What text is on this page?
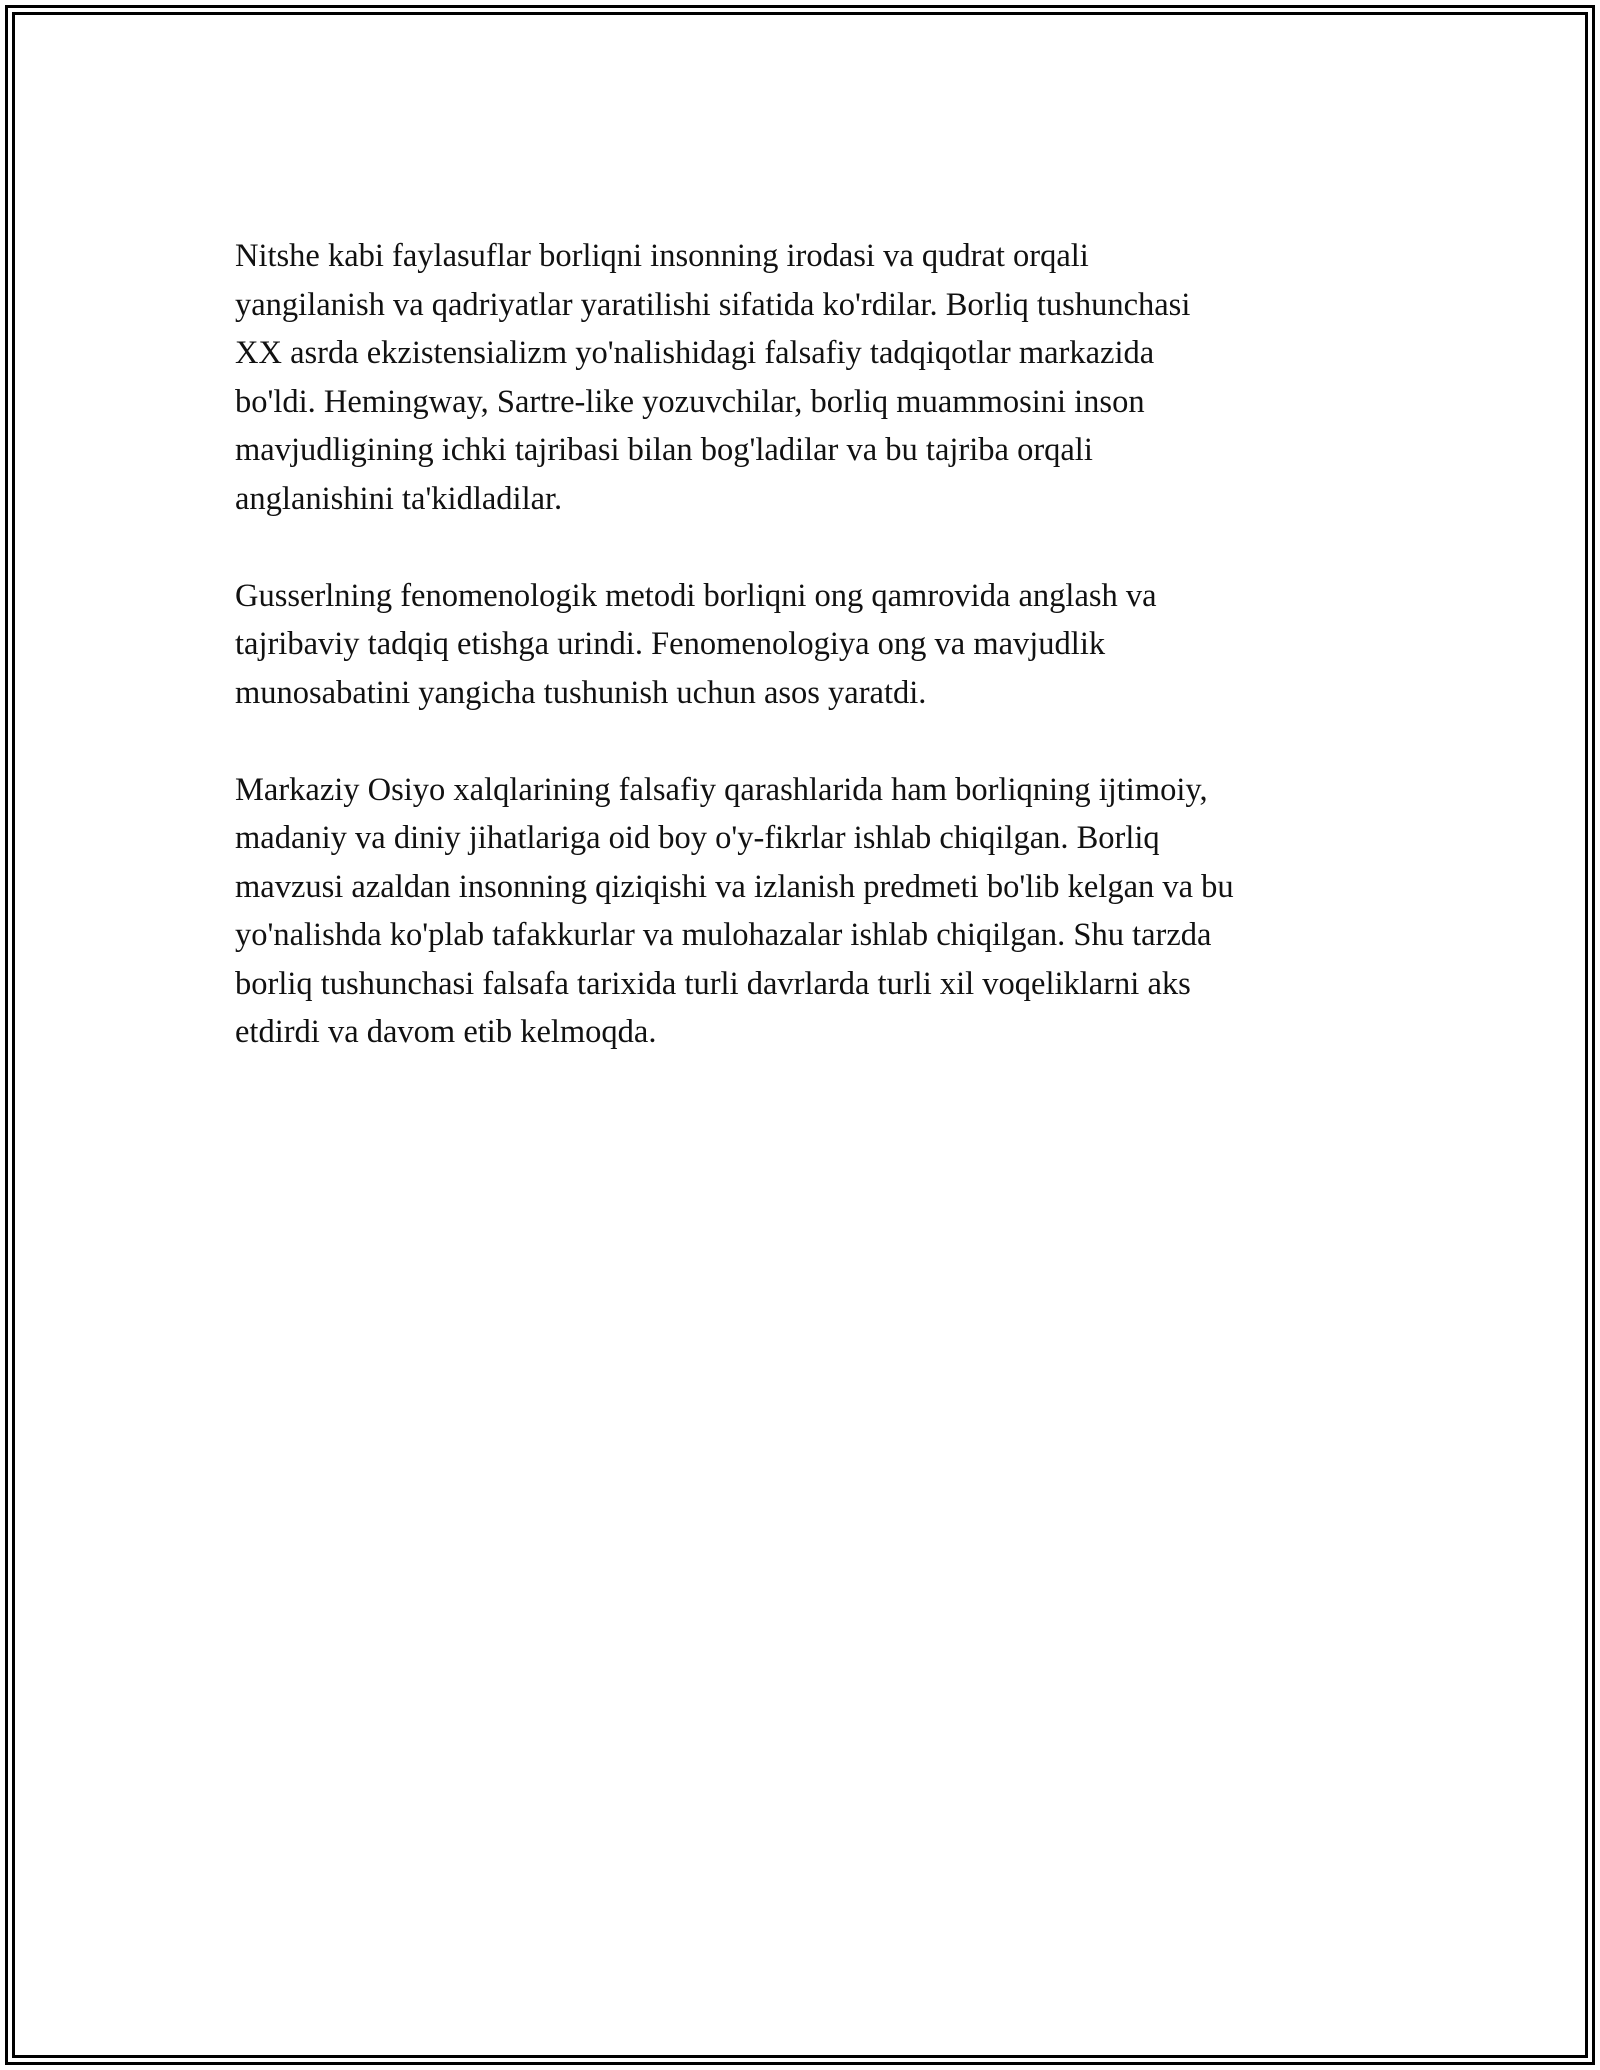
Nitshe kabi faylasuflar borliqni insonning irodasi va qudrat orqali
yangilanish va qadriyatlar yaratilishi sifatida ko'rdilar. Borliq tushunchasi
XX asrda ekzistensializm yo'nalishidagi falsafiy tadqiqotlar markazida
bo'ldi. Hemingway, Sartre-like yozuvchilar, borliq muammosini inson
mavjudligining ichki tajribasi bilan bog'ladilar va bu tajriba orqali
anglanishini ta'kidladilar.

Gusserlning fenomenologik metodi borliqni ong qamrovida anglash va
tajribaviy tadqiq etishga urindi. Fenomenologiya ong va mavjudlik
munosabatini yangicha tushunish uchun asos yaratdi.

Markaziy Osiyo xalqlarining falsafiy qarashlarida ham borliqning ijtimoiy,
madaniy va diniy jihatlariga oid boy o'y-fikrlar ishlab chiqilgan. Borliq
mavzusi azaldan insonning qiziqishi va izlanish predmeti bo'lib kelgan va bu
yo'nalishda ko'plab tafakkurlar va mulohazalar ishlab chiqilgan. Shu tarzda
borliq tushunchasi falsafa tarixida turli davrlarda turli xil voqeliklarni aks
etdirdi va davom etib kelmoqda.
